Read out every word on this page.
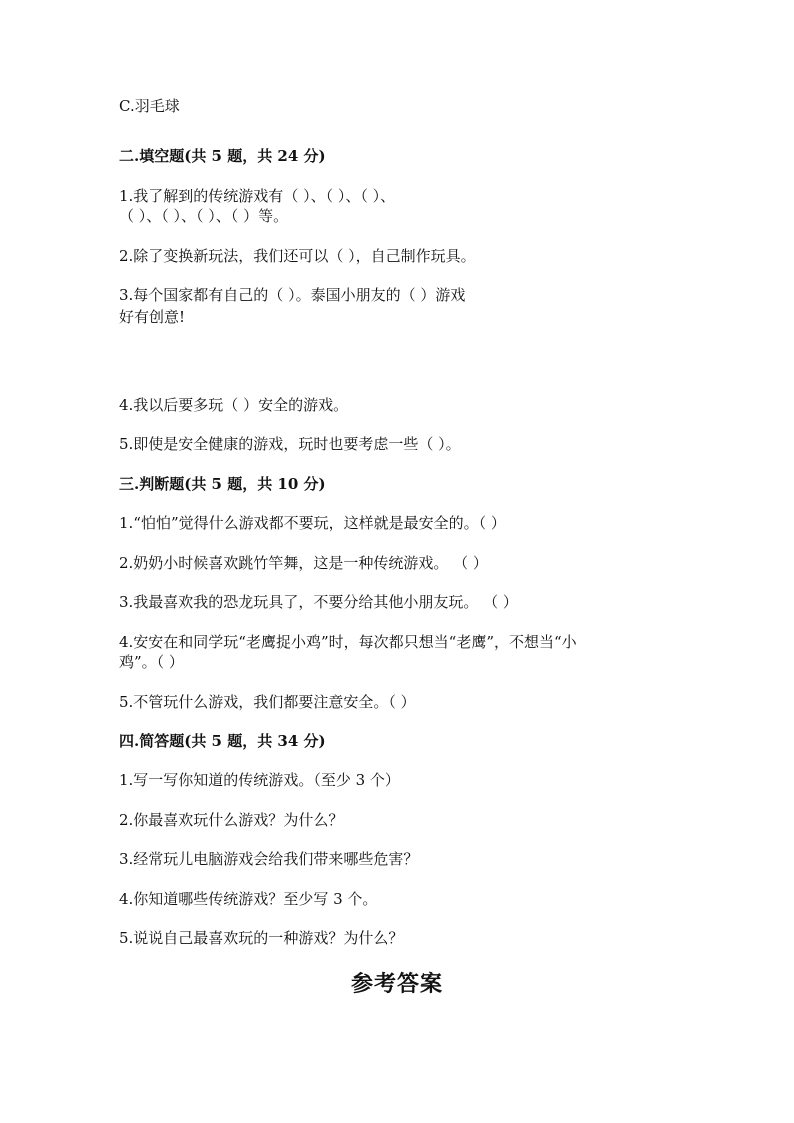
C.羽毛球
二.填空题(共 5 题，共 24 分)
1.我了解到的传统游戏有（ ）、（ ）、（ ）、
（ ）、（ ）、（ ）、（ ）等。
2.除了变换新玩法，我们还可以（ ），自己制作玩具。
3.每个国家都有自己的（ ）。泰国小朋友的（ ）游戏
好有创意!
4.我以后要多玩（ ）安全的游戏。
5.即使是安全健康的游戏，玩时也要考虑一些（ ）。
三.判断题(共 5 题，共 10 分)
1.“怕怕”觉得什么游戏都不要玩，这样就是最安全的。（ ）
2.奶奶小时候喜欢跳竹竿舞，这是一种传统游戏。 （ ）
3.我最喜欢我的恐龙玩具了，不要分给其他小朋友玩。 （ ）
4.安安在和同学玩“老鹰捉小鸡”时，每次都只想当“老鹰”，不想当“小
鸡”。（ ）
5.不管玩什么游戏，我们都要注意安全。（ ）
四.简答题(共 5 题，共 34 分)
1.写一写你知道的传统游戏。（至少 3 个）
2.你最喜欢玩什么游戏？为什么？
3.经常玩儿电脑游戏会给我们带来哪些危害？
4.你知道哪些传统游戏？至少写 3 个。
5.说说自己最喜欢玩的一种游戏？为什么？
参考答案
